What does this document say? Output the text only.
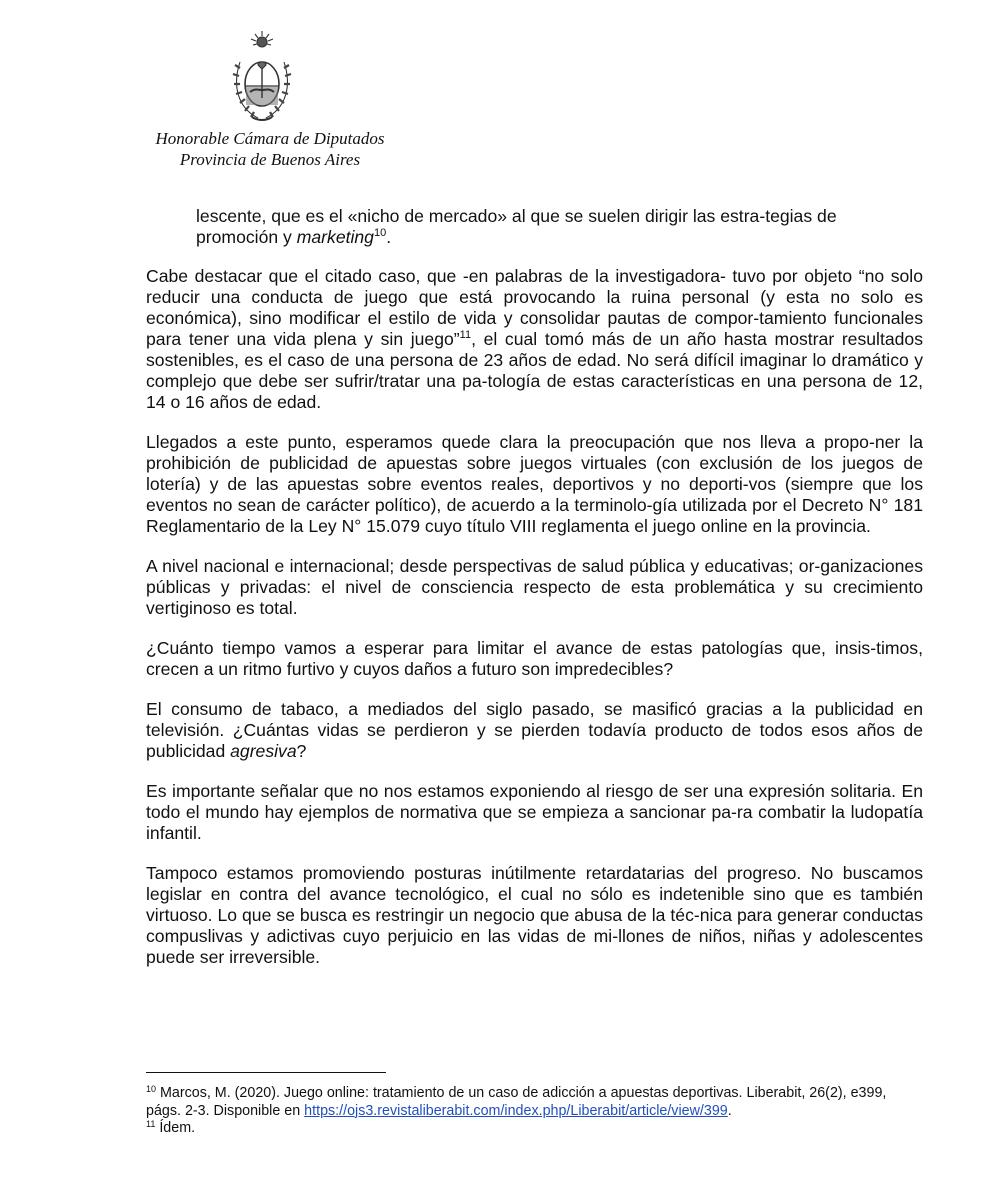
Honorable Cámara de Diputados
Provincia de Buenos Aires

lescente, que es el «nicho de mercado» al que se suelen dirigir las estra-tegias de promoción y marketing$^{10}$.

Cabe destacar que el citado caso, que -en palabras de la investigadora- tuvo por objeto “no solo reducir una conducta de juego que está provocando la ruina personal (y esta no solo es económica), sino modificar el estilo de vida y consolidar pautas de compor-tamiento funcionales para tener una vida plena y sin juego”$^{11}$, el cual tomó más de un año hasta mostrar resultados sostenibles, es el caso de una persona de 23 años de edad. No será difícil imaginar lo dramático y complejo que debe ser sufrir/tratar una pa-tología de estas características en una persona de 12, 14 o 16 años de edad.

Llegados a este punto, esperamos quede clara la preocupación que nos lleva a propo-ner la prohibición de publicidad de apuestas sobre juegos virtuales (con exclusión de los juegos de lotería) y de las apuestas sobre eventos reales, deportivos y no deporti-vos (siempre que los eventos no sean de carácter político), de acuerdo a la terminolo-gía utilizada por el Decreto N° 181 Reglamentario de la Ley N° 15.079 cuyo título VIII reglamenta el juego online en la provincia.

A nivel nacional e internacional; desde perspectivas de salud pública y educativas; or-ganizaciones públicas y privadas: el nivel de consciencia respecto de esta problemática y su crecimiento vertiginoso es total.

¿Cuánto tiempo vamos a esperar para limitar el avance de estas patologías que, insis-timos, crecen a un ritmo furtivo y cuyos daños a futuro son impredecibles?

El consumo de tabaco, a mediados del siglo pasado, se masificó gracias a la publicidad en televisión. ¿Cuántas vidas se perdieron y se pierden todavía producto de todos esos años de publicidad agresiva?

Es importante señalar que no nos estamos exponiendo al riesgo de ser una expresión solitaria. En todo el mundo hay ejemplos de normativa que se empieza a sancionar pa-ra combatir la ludopatía infantil.

Tampoco estamos promoviendo posturas inútilmente retardatarias del progreso. No buscamos legislar en contra del avance tecnológico, el cual no sólo es indetenible sino que es también virtuoso. Lo que se busca es restringir un negocio que abusa de la téc-nica para generar conductas compuslivas y adictivas cuyo perjuicio en las vidas de mi-llones de niños, niñas y adolescentes puede ser irreversible.

$^{10}$ Marcos, M. (2020). Juego online: tratamiento de un caso de adicción a apuestas deportivas. Liberabit, 26(2), e399, págs. 2-3. Disponible en https://ojs3.revistaliberabit.com/index.php/Liberabit/article/view/399.
$^{11}$ Ídem.
